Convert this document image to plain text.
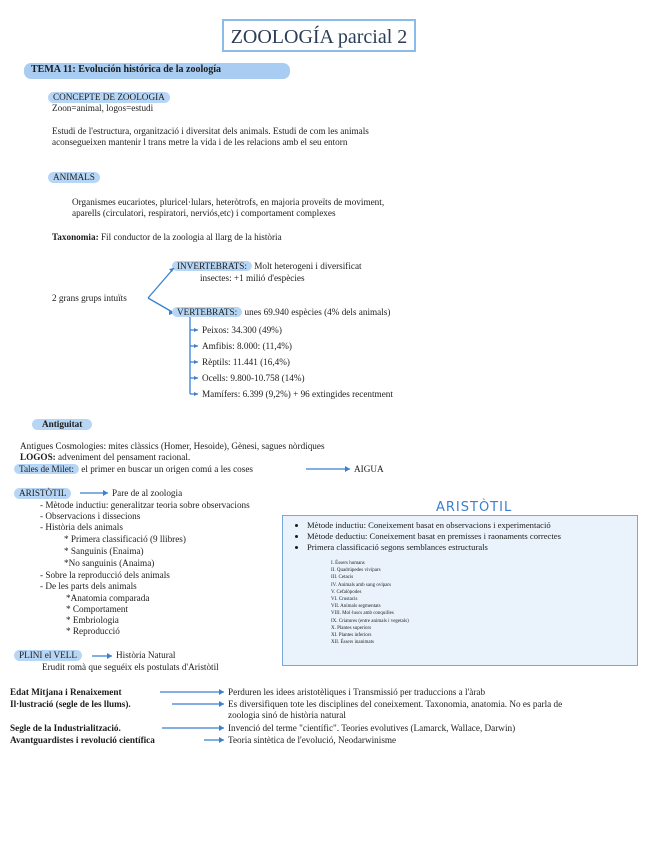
ZOOLOGÍA parcial 2
TEMA 11: Evolución histórica de la zoología
CONCEPTE DE ZOOLOGIA
Zoon=animal, logos=estudi
Estudi de l'estructura, organització i diversitat dels animals. Estudi de com les animals
aconsegueixen mantenir l trans metre la vida i de les relacions amb el seu entorn
ANIMALS
Organismes eucariotes, pluricel·lulars, heteròtrofs, en majoria proveïts de moviment,
aparells (circulatori, respiratori, nerviós,etc) i comportament complexes
Taxonomia: Fil conductor de la zoologia al llarg de la història
INVERTEBRATS: Molt heterogeni i diversificat
insectes: +1 milió d'espècies
2 grans grups intuïts
VERTEBRATS: unes 69.940 espècies (4% dels animals)
Peixos: 34.300 (49%)
Amfibis: 8.000: (11,4%)
Rèptils: 11.441 (16,4%)
Ocells: 9.800-10.758 (14%)
Mamífers: 6.399 (9,2%) + 96 extingides recentment
Antiguitat
Antigues Cosmologies: mites clàssics (Homer, Hesoide), Gènesi, sagues nòrdiques
LOGOS: adveniment del pensament racional.
Tales de Milet: el primer en buscar un origen comú a les coses	AIGUA
ARISTÒTIL	Pare de al zoologia
- Mètode inductiu: generalitzar teoria sobre observacions
- Observacions i dissecions
- Història dels animals
* Primera classificació (9 llibres)
* Sanguinis (Enaima)
*No sanguinis (Anaima)
- Sobre la reproducció dels animals
- De les parts dels animals
*Anatomia comparada
* Comportament
* Embriologia
* Reproducció
ARISTÒTIL
• Mètode inductiu: Coneixement basat en observacions i experimentació
• Mètode deductiu: Coneixement basat en premisses i raonaments correctes
• Primera classificació segons semblances estructurals
I. Éssers humans
II. Quadrúpedes vivípars
III. Cetacis
IV. Animals amb sang ovípars
V. Cefalòpodes
VI. Crustacis
VII. Animals segmentats
VIII. Mol·luscs amb conquilles
IX. Criatures (entre animals i vegetals)
X. Plantes superiors
XI. Plantes inferiors
XII. Éssers inanimats
PLINI el VELL	Història Natural
Erudit romà que seguéix els postulats d'Aristòtil
Edat Mitjana i Renaixement	Perduren les idees aristotèliques i Transmissió per traduccions a l'àrab
Il·lustració (segle de les llums).	Es diversifiquen tote les disciplines del coneixement. Taxonomia, anatomia. No es parla de
zoologia sinó de història natural
Segle de la Industrialització.	Invenció del terme "científic". Teories evolutives (Lamarck, Wallace, Darwin)
Avantguardistes i revolució científica	Teoria sintètica de l'evolució, Neodarwinisme
